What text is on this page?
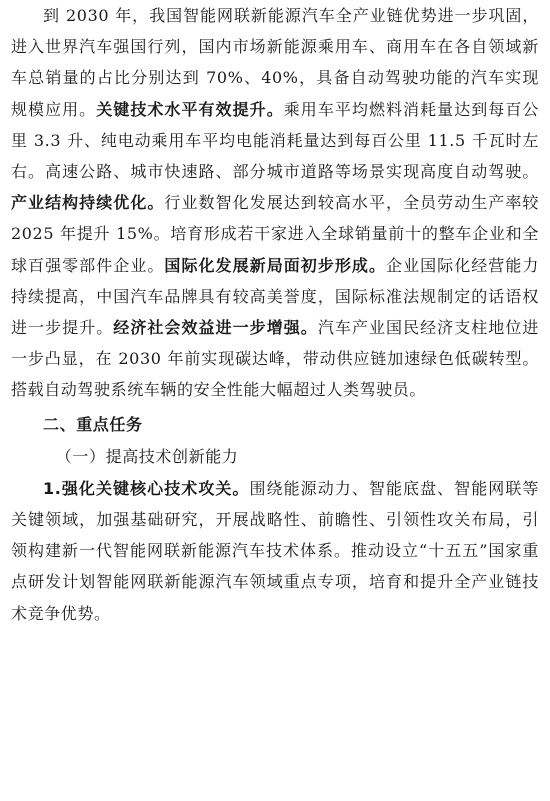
到 2030 年，我国智能网联新能源汽车全产业链优势进一步巩固，进入世界汽车强国行列，国内市场新能源乘用车、商用车在各自领域新车总销量的占比分别达到 70%、40%，具备自动驾驶功能的汽车实现规模应用。关键技术水平有效提升。乘用车平均燃料消耗量达到每百公里 3.3 升、纯电动乘用车平均电能消耗量达到每百公里 11.5 千瓦时左右。高速公路、城市快速路、部分城市道路等场景实现高度自动驾驶。产业结构持续优化。行业数智化发展达到较高水平，全员劳动生产率较 2025 年提升 15%。培育形成若干家进入全球销量前十的整车企业和全球百强零部件企业。国际化发展新局面初步形成。企业国际化经营能力持续提高，中国汽车品牌具有较高美誉度，国际标准法规制定的话语权进一步提升。经济社会效益进一步增强。汽车产业国民经济支柱地位进一步凸显，在 2030 年前实现碳达峰，带动供应链加速绿色低碳转型。搭载自动驾驶系统车辆的安全性能大幅超过人类驾驶员。

二、重点任务
（一）提高技术创新能力

1.强化关键核心技术攻关。围绕能源动力、智能底盘、智能网联等关键领域，加强基础研究，开展战略性、前瞻性、引领性攻关布局，引领构建新一代智能网联新能源汽车技术体系。推动设立“十五五”国家重点研发计划智能网联新能源汽车领域重点专项，培育和提升全产业链技术竞争优势。
